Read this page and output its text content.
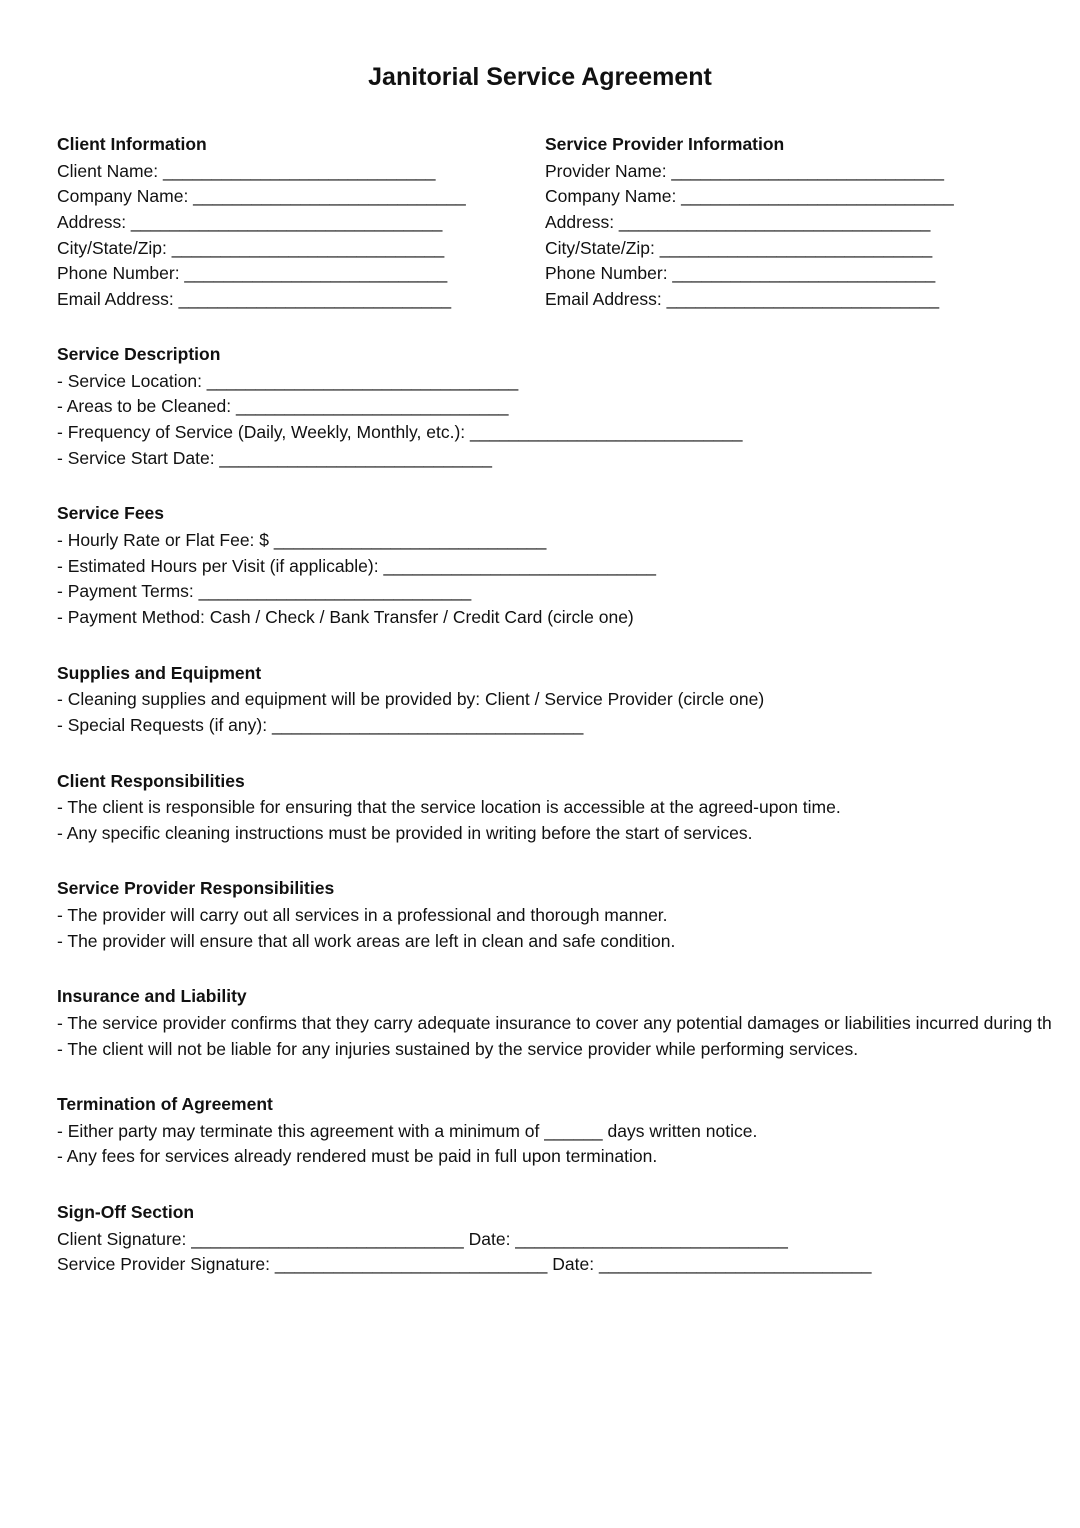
Janitorial Service Agreement
Client Information
Client Name: ____________________________
Company Name: ____________________________
Address: ________________________________
City/State/Zip: ____________________________
Phone Number: ___________________________
Email Address: ____________________________
Service Provider Information
Provider Name: ____________________________
Company Name: ____________________________
Address: ________________________________
City/State/Zip: ____________________________
Phone Number: ___________________________
Email Address: ____________________________
Service Description
- Service Location: ________________________________
- Areas to be Cleaned: ____________________________
- Frequency of Service (Daily, Weekly, Monthly, etc.): ____________________________
- Service Start Date: ____________________________
Service Fees
- Hourly Rate or Flat Fee: $ ____________________________
- Estimated Hours per Visit (if applicable): ____________________________
- Payment Terms: ____________________________
- Payment Method: Cash / Check / Bank Transfer / Credit Card (circle one)
Supplies and Equipment
- Cleaning supplies and equipment will be provided by: Client / Service Provider (circle one)
- Special Requests (if any): ________________________________
Client Responsibilities
- The client is responsible for ensuring that the service location is accessible at the agreed-upon time.
- Any specific cleaning instructions must be provided in writing before the start of services.
Service Provider Responsibilities
- The provider will carry out all services in a professional and thorough manner.
- The provider will ensure that all work areas are left in clean and safe condition.
Insurance and Liability
- The service provider confirms that they carry adequate insurance to cover any potential damages or liabilities incurred during th
- The client will not be liable for any injuries sustained by the service provider while performing services.
Termination of Agreement
- Either party may terminate this agreement with a minimum of ______ days written notice.
- Any fees for services already rendered must be paid in full upon termination.
Sign-Off Section
Client Signature: ____________________________ Date: ____________________________
Service Provider Signature: ____________________________ Date: ____________________________
